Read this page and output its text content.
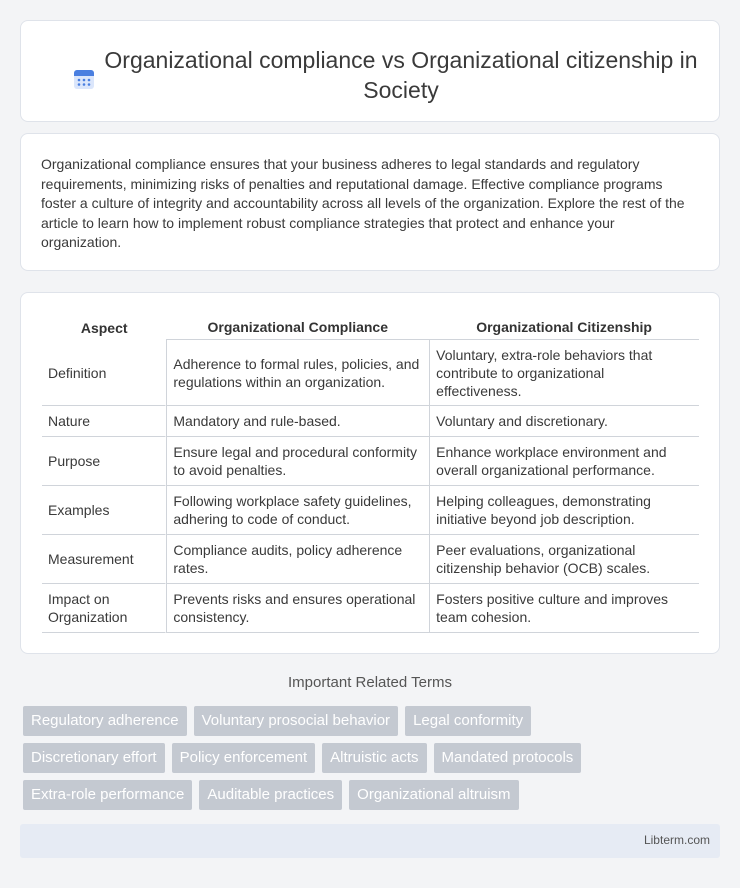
Organizational compliance vs Organizational citizenship in Society

Organizational compliance ensures that your business adheres to legal standards and regulatory requirements, minimizing risks of penalties and reputational damage. Effective compliance programs foster a culture of integrity and accountability across all levels of the organization. Explore the rest of the article to learn how to implement robust compliance strategies that protect and enhance your organization.

Aspect	Organizational Compliance	Organizational Citizenship
Definition	Adherence to formal rules, policies, and regulations within an organization.	Voluntary, extra-role behaviors that contribute to organizational effectiveness.
Nature	Mandatory and rule-based.	Voluntary and discretionary.
Purpose	Ensure legal and procedural conformity to avoid penalties.	Enhance workplace environment and overall organizational performance.
Examples	Following workplace safety guidelines, adhering to code of conduct.	Helping colleagues, demonstrating initiative beyond job description.
Measurement	Compliance audits, policy adherence rates.	Peer evaluations, organizational citizenship behavior (OCB) scales.
Impact on Organization	Prevents risks and ensures operational consistency.	Fosters positive culture and improves team cohesion.
Important Related Terms
Regulatory adherence	Voluntary prosocial behavior	Legal conformity
Discretionary effort	Policy enforcement	Altruistic acts	Mandated protocols
Extra-role performance	Auditable practices	Organizational altruism
Libterm.com
